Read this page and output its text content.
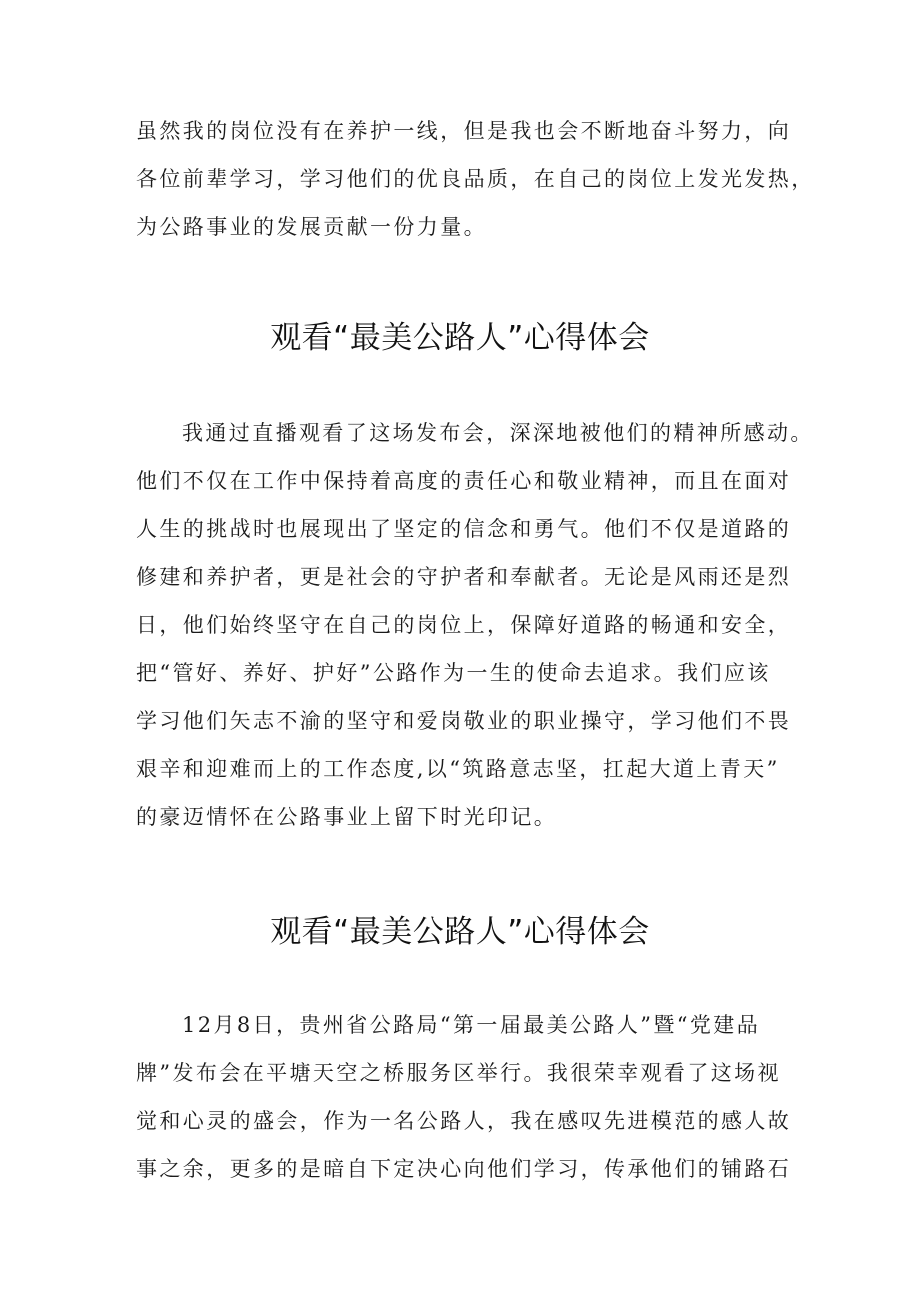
虽然我的岗位没有在养护一线，但是我也会不断地奋斗努力，向
各位前辈学习，学习他们的优良品质，在自己的岗位上发光发热，
为公路事业的发展贡献一份力量。

观看“最美公路人”心得体会

我通过直播观看了这场发布会，深深地被他们的精神所感动。
他们不仅在工作中保持着高度的责任心和敬业精神，而且在面对
人生的挑战时也展现出了坚定的信念和勇气。他们不仅是道路的
修建和养护者，更是社会的守护者和奉献者。无论是风雨还是烈
日，他们始终坚守在自己的岗位上，保障好道路的畅通和安全，
把“管好、养好、护好”公路作为一生的使命去追求。我们应该
学习他们矢志不渝的坚守和爱岗敬业的职业操守，学习他们不畏
艰辛和迎难而上的工作态度,以“筑路意志坚，扛起大道上青天”
的豪迈情怀在公路事业上留下时光印记。

观看“最美公路人”心得体会

12月8日，贵州省公路局“第一届最美公路人”暨“党建品
牌”发布会在平塘天空之桥服务区举行。我很荣幸观看了这场视
觉和心灵的盛会，作为一名公路人，我在感叹先进模范的感人故
事之余，更多的是暗自下定决心向他们学习，传承他们的铺路石
